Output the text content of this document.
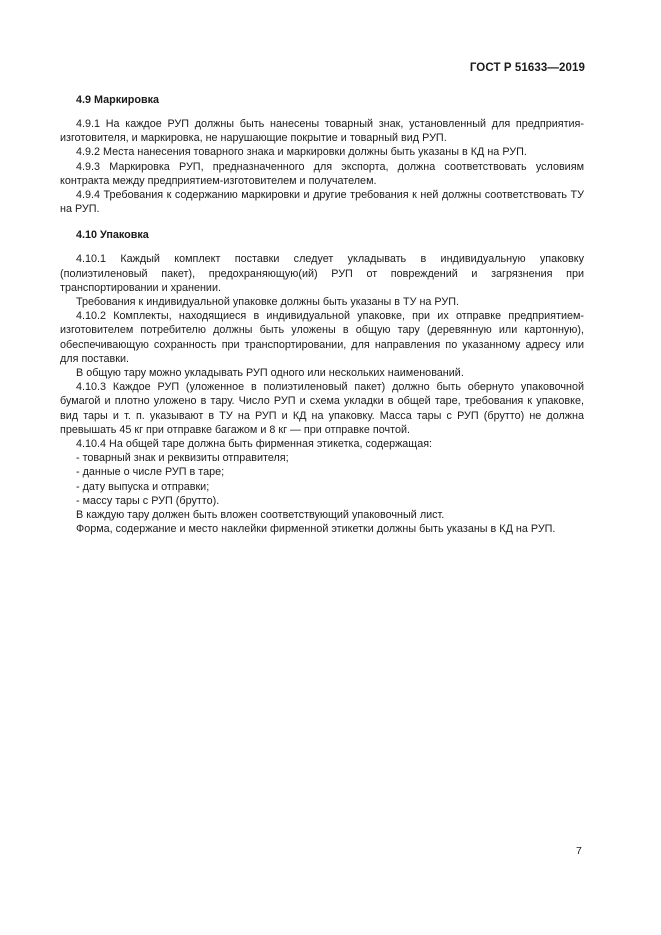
ГОСТ Р 51633—2019
4.9 Маркировка

4.9.1 На каждое РУП должны быть нанесены товарный знак, установленный для предприятия-изготовителя, и маркировка, не нарушающие покрытие и товарный вид РУП.

4.9.2 Места нанесения товарного знака и маркировки должны быть указаны в КД на РУП.

4.9.3 Маркировка РУП, предназначенного для экспорта, должна соответствовать условиям контракта между предприятием-изготовителем и получателем.

4.9.4 Требования к содержанию маркировки и другие требования к ней должны соответствовать ТУ на РУП.

4.10 Упаковка

4.10.1 Каждый комплект поставки следует укладывать в индивидуальную упаковку (полиэтиленовый пакет), предохраняющую(ий) РУП от повреждений и загрязнения при транспортировании и хранении.

Требования к индивидуальной упаковке должны быть указаны в ТУ на РУП.

4.10.2 Комплекты, находящиеся в индивидуальной упаковке, при их отправке предприятием-изготовителем потребителю должны быть уложены в общую тару (деревянную или картонную), обеспечивающую сохранность при транспортировании, для направления по указанному адресу или для поставки.

В общую тару можно укладывать РУП одного или нескольких наименований.

4.10.3 Каждое РУП (уложенное в полиэтиленовый пакет) должно быть обернуто упаковочной бумагой и плотно уложено в тару. Число РУП и схема укладки в общей таре, требования к упаковке, вид тары и т. п. указывают в ТУ на РУП и КД на упаковку. Масса тары с РУП (брутто) не должна превышать 45 кг при отправке багажом и 8 кг — при отправке почтой.

4.10.4 На общей таре должна быть фирменная этикетка, содержащая:

- товарный знак и реквизиты отправителя;

- данные о числе РУП в таре;

- дату выпуска и отправки;

- массу тары с РУП (брутто).

В каждую тару должен быть вложен соответствующий упаковочный лист.

Форма, содержание и место наклейки фирменной этикетки должны быть указаны в КД на РУП.

7
